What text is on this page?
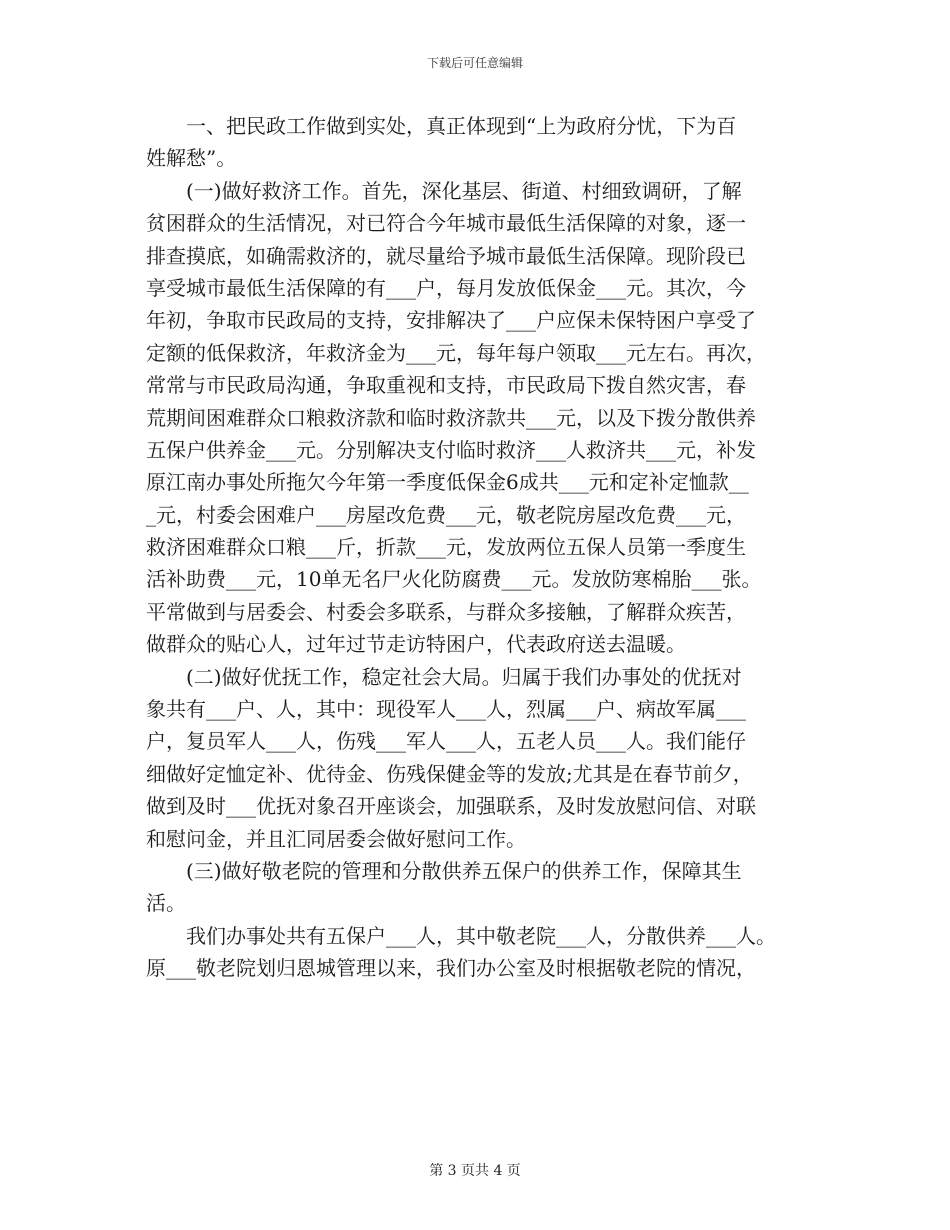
下载后可任意编辑
一、把民政工作做到实处，真正体现到“上为政府分忧，下为百
姓解愁”。
(一)做好救济工作。首先，深化基层、街道、村细致调研，了解
贫困群众的生活情况，对已符合今年城市最低生活保障的对象，逐一
排查摸底，如确需救济的，就尽量给予城市最低生活保障。现阶段已
享受城市最低生活保障的有___户，每月发放低保金___元。其次，今
年初，争取市民政局的支持，安排解决了___户应保未保特困户享受了
定额的低保救济，年救济金为___元，每年每户领取___元左右。再次，
常常与市民政局沟通，争取重视和支持，市民政局下拨自然灾害，春
荒期间困难群众口粮救济款和临时救济款共___元，以及下拨分散供养
五保户供养金___元。分别解决支付临时救济___人救济共___元，补发
原江南办事处所拖欠今年第一季度低保金6成共___元和定补定恤款__
_元，村委会困难户___房屋改危费___元，敬老院房屋改危费___元，
救济困难群众口粮___斤，折款___元，发放两位五保人员第一季度生
活补助费___元，10单无名尸火化防腐费___元。发放防寒棉胎___张。
平常做到与居委会、村委会多联系，与群众多接触，了解群众疾苦，
做群众的贴心人，过年过节走访特困户，代表政府送去温暖。
(二)做好优抚工作，稳定社会大局。归属于我们办事处的优抚对
象共有___户、人，其中：现役军人___人，烈属___户、病故军属___
户，复员军人___人，伤残___军人___人，五老人员___人。我们能仔
细做好定恤定补、优待金、伤残保健金等的发放;尤其是在春节前夕，
做到及时___优抚对象召开座谈会，加强联系，及时发放慰问信、对联
和慰问金，并且汇同居委会做好慰问工作。
(三)做好敬老院的管理和分散供养五保户的供养工作，保障其生
活。
我们办事处共有五保户___人，其中敬老院___人，分散供养___人。
原___敬老院划归恩城管理以来，我们办公室及时根据敬老院的情况，
第 3 页共 4 页
